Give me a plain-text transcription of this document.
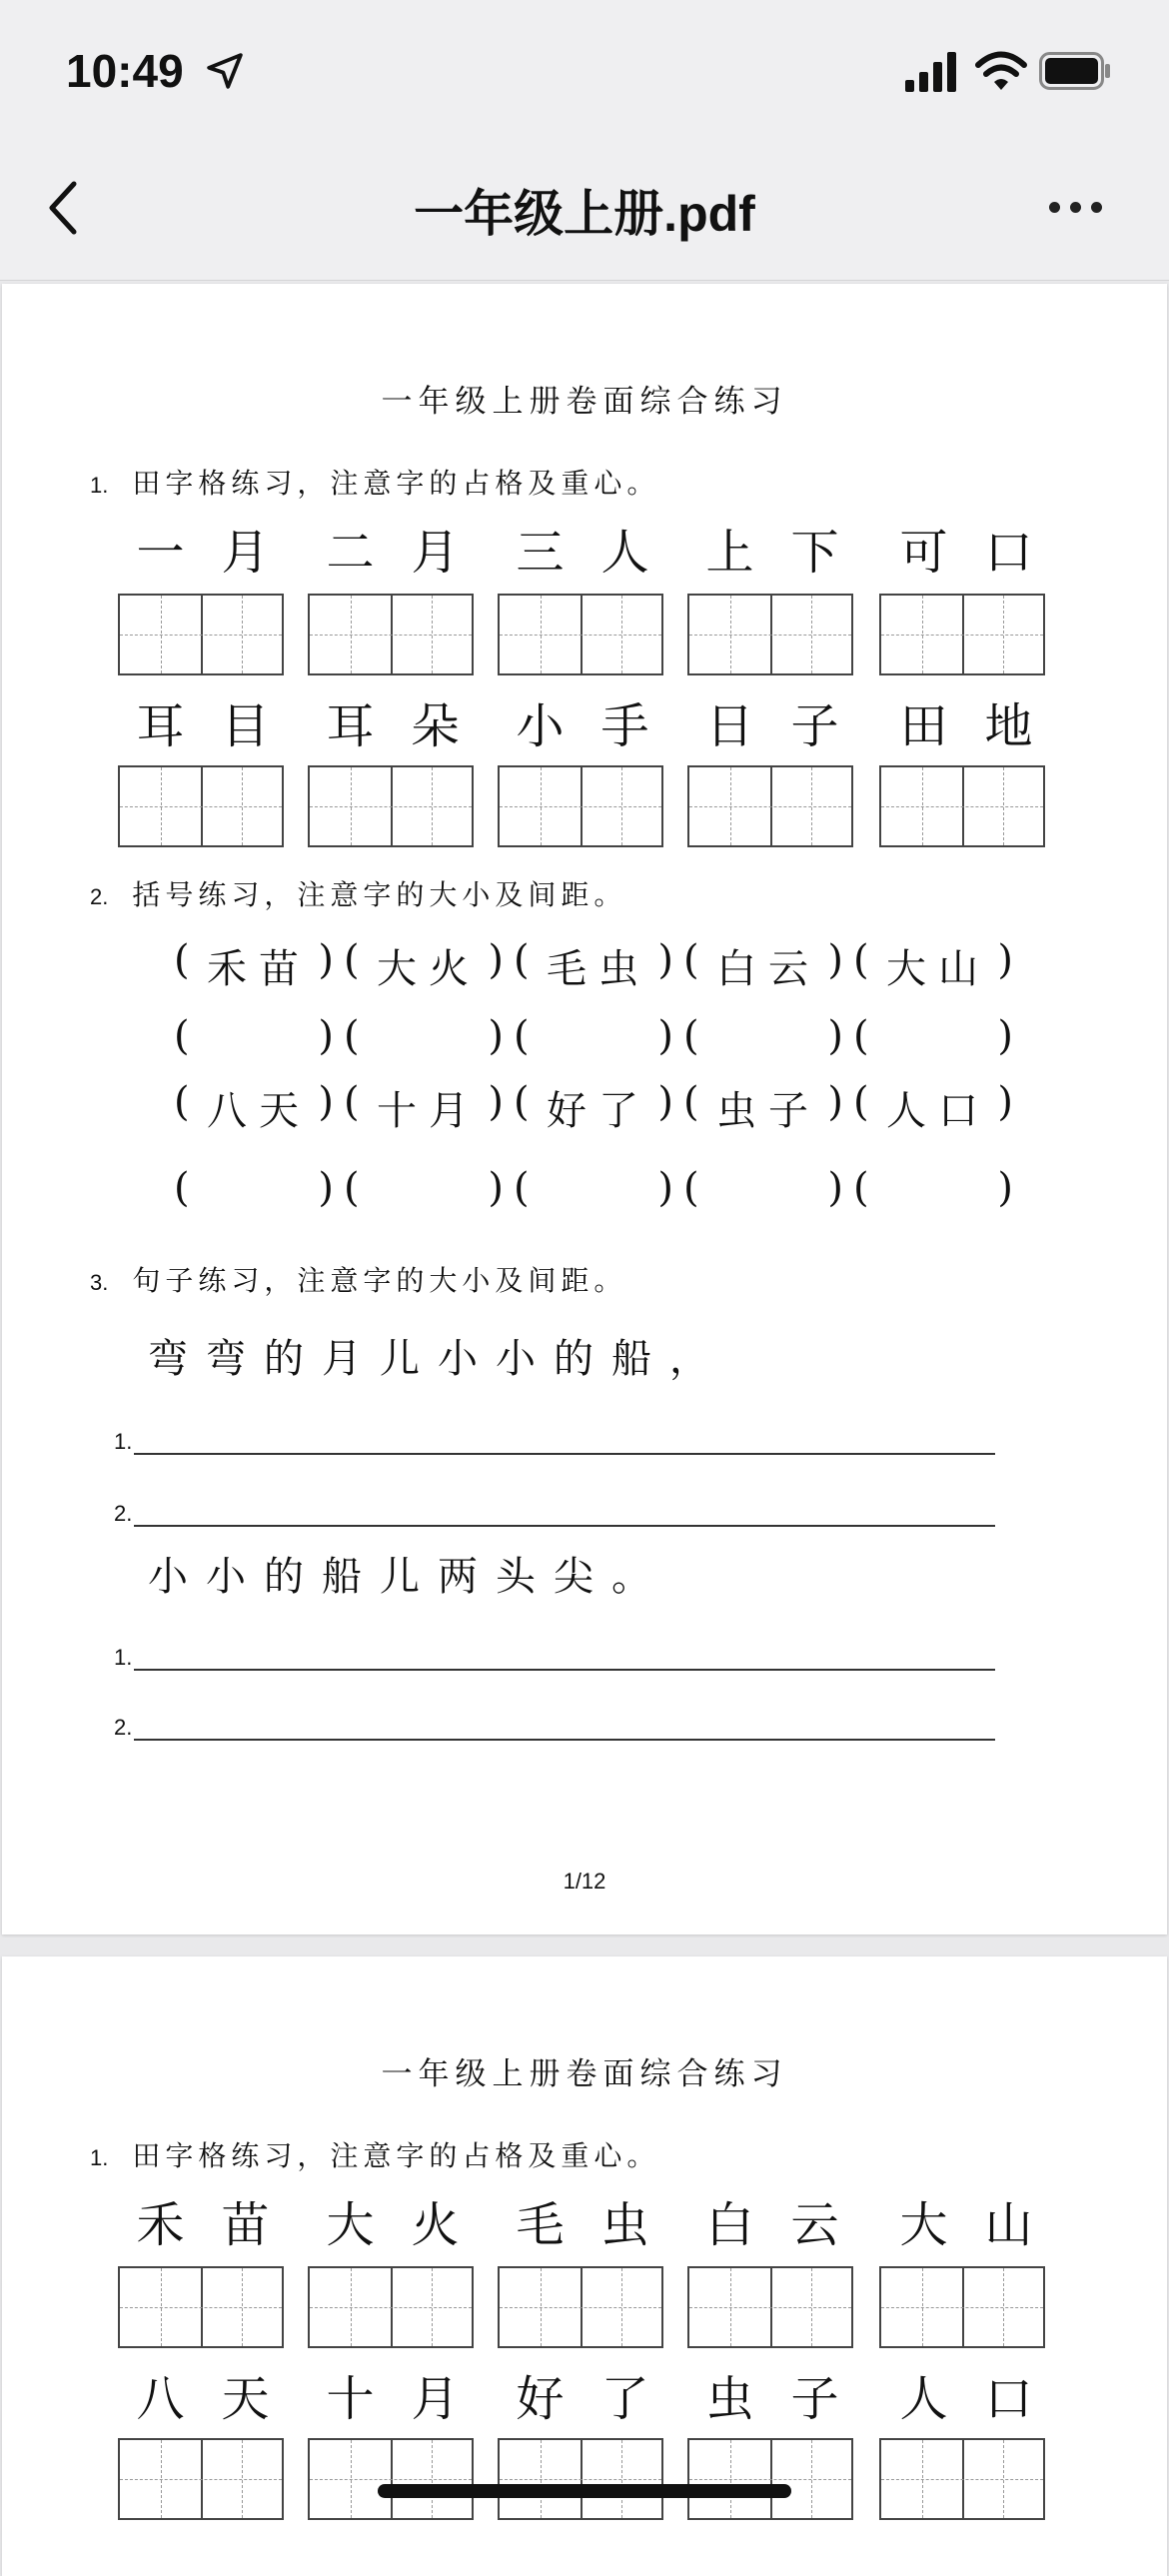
10:49
一年级上册.pdf
一年级上册卷面综合练习
1. 田字格练习，注意字的占格及重心。
一 月 二 月 三 人 上 下 可 口
耳 目 耳 朵 小 手 日 子 田 地
2. 括号练习，注意字的大小及间距。
( 禾苗 ) ( 大火 ) ( 毛虫 ) ( 白云 ) ( 大山 )
(	) (	) (	) (	) (	)
( 八天 ) ( 十月 ) ( 好了 ) ( 虫子 ) ( 人口 )
(	) (	) (	) (	) (	)
3. 句子练习，注意字的大小及间距。
弯弯的月儿小小的船，
1.
2.
小小的船儿两头尖。
1.
2.
1/12
一年级上册卷面综合练习
1. 田字格练习，注意字的占格及重心。
禾 苗 大 火 毛 虫 白 云 大 山
八 天 十 月 好 了 虫 子 人 口
